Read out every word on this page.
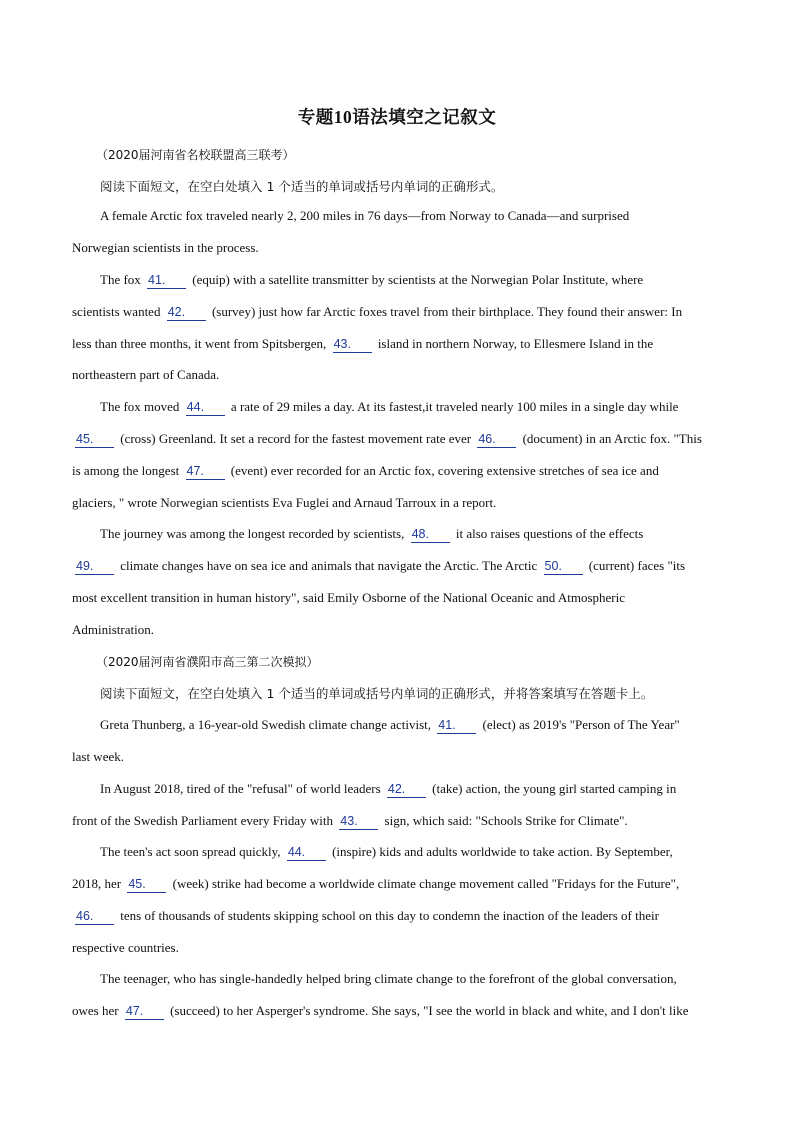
专题10语法填空之记叙文
（2020届河南省名校联盟高三联考）
阅读下面短文，在空白处填入 1 个适当的单词或括号内单词的正确形式。
A female Arctic fox traveled nearly 2, 200 miles in 76 days—from Norway to Canada—and surprised
Norwegian scientists in the process.
The fox 41. (equip) with a satellite transmitter by scientists at the Norwegian Polar Institute, where
scientists wanted 42. (survey) just how far Arctic foxes travel from their birthplace. They found their answer: In
less than three months, it went from Spitsbergen, 43. island in northern Norway, to Ellesmere Island in the
northeastern part of Canada.
The fox moved 44. a rate of 29 miles a day. At its fastest,it traveled nearly 100 miles in a single day while
45. (cross) Greenland. It set a record for the fastest movement rate ever 46. (document) in an Arctic fox. "This
is among the longest 47. (event) ever recorded for an Arctic fox, covering extensive stretches of sea ice and
glaciers, " wrote Norwegian scientists Eva Fuglei and Arnaud Tarroux in a report.
The journey was among the longest recorded by scientists, 48. it also raises questions of the effects
49. climate changes have on sea ice and animals that navigate the Arctic. The Arctic 50. (current) faces "its
most excellent transition in human history", said Emily Osborne of the National Oceanic and Atmospheric
Administration.
（2020届河南省濮阳市高三第二次模拟）
阅读下面短文，在空白处填入 1 个适当的单词或括号内单词的正确形式，并将答案填写在答题卡上。
Greta Thunberg, a 16-year-old Swedish climate change activist, 41. (elect) as 2019's "Person of The Year"
last week.
In August 2018, tired of the "refusal" of world leaders 42. (take) action, the young girl started camping in
front of the Swedish Parliament every Friday with 43. sign, which said: "Schools Strike for Climate".
The teen's act soon spread quickly, 44. (inspire) kids and adults worldwide to take action. By September,
2018, her 45. (week) strike had become a worldwide climate change movement called "Fridays for the Future",
46. tens of thousands of students skipping school on this day to condemn the inaction of the leaders of their
respective countries.
The teenager, who has single-handedly helped bring climate change to the forefront of the global conversation,
owes her 47. (succeed) to her Asperger's syndrome. She says, "I see the world in black and white, and I don't like
